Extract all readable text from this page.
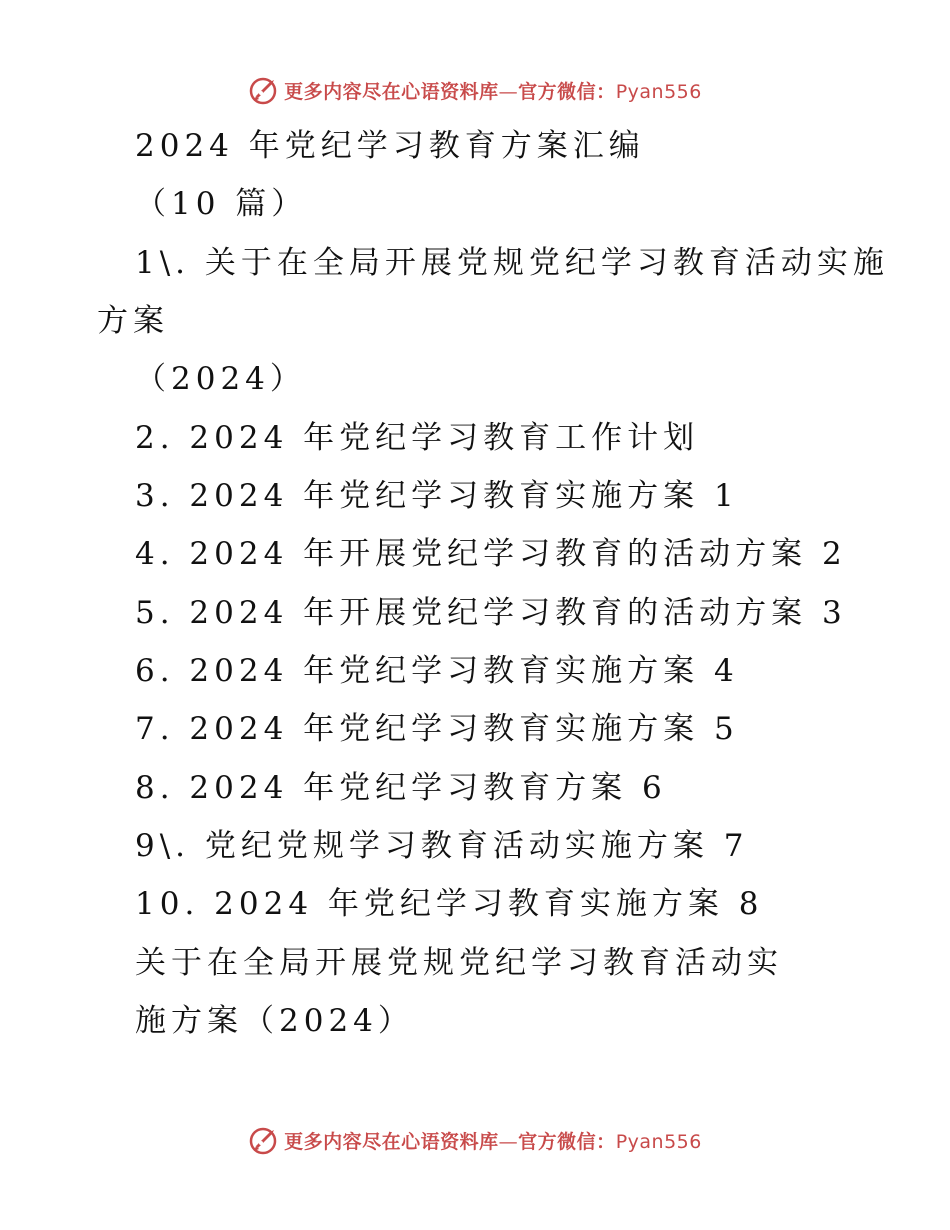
更多内容尽在心语资料库—官方微信：Pyan556
2024 年党纪学习教育方案汇编
（10 篇）
1\. 关于在全局开展党规党纪学习教育活动实施
方案
（2024）
2. 2024 年党纪学习教育工作计划
3. 2024 年党纪学习教育实施方案 1
4. 2024 年开展党纪学习教育的活动方案 2
5. 2024 年开展党纪学习教育的活动方案 3
6. 2024 年党纪学习教育实施方案 4
7. 2024 年党纪学习教育实施方案 5
8. 2024 年党纪学习教育方案 6
9\. 党纪党规学习教育活动实施方案 7
10. 2024 年党纪学习教育实施方案 8
关于在全局开展党规党纪学习教育活动实
施方案（2024）
更多内容尽在心语资料库—官方微信：Pyan556
